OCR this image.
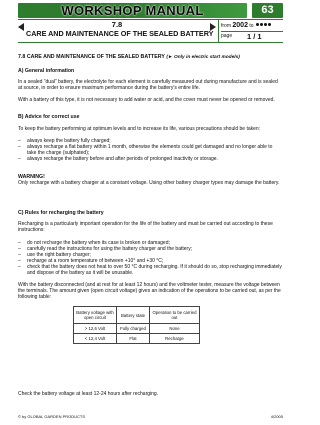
WORKSHOP MANUAL	63
7.8
CARE AND MAINTENANCE OF THE SEALED BATTERY
from 2002 to
page 1 / 1

7.8 CARE AND MAINTENANCE OF THE SEALED BATTERY (► Only in electric start models)

A) General information

In a sealed “dual” battery, the electrolyte for each element is carefully measured out during manufacture and is sealed at source, in order to ensure maximum performance during the battery’s entire life.

With a battery of this type, it is not necessary to add water or acid, and the cover must never be opened or removed.

B) Advice for correct use

To keep the battery performing at optimum levels and to increase its life, various precautions should be taken:

– always keep the battery fully charged;
– always recharge a flat battery within 1 month, otherwise the elements could get damaged and no longer able to take the charge (sulphated);
– always recharge the battery before and after periods of prolonged inactivity or storage.

WARNING!

Only recharge with a battery charger at a constant voltage. Using other battery charger types may damage the battery.

C) Rules for recharging the battery

Recharging is a particularly important operation for the life of the battery and must be carried out according to these instructions:

– do not recharge the battery when its case is broken or damaged;
– carefully read the instructions for using the battery charger and the battery;
– use the right battery charger;
– recharge at a room temperature of between +10° and +30 °C;
– check that the battery does not heat to over 50 °C during recharging. If it should do so, stop recharging immediately and dispose of the battery as it will be unusable.

With the battery disconnected (and at rest for at least 12 hours) and the voltmeter tester, measure the voltage between the terminals. The amount given (open circuit voltage) gives an indication of the operations to be carried out, as per the following table:

Battery voltage with open circuit	Battery state	Operation to be carried out
> 12,6 Volt	Fully charged	None
< 12,4 Volt	Flat	Recharge

Check the battery voltage at least 12-24 hours after recharging.

© by GLOBAL GARDEN PRODUCTS	4/2005
